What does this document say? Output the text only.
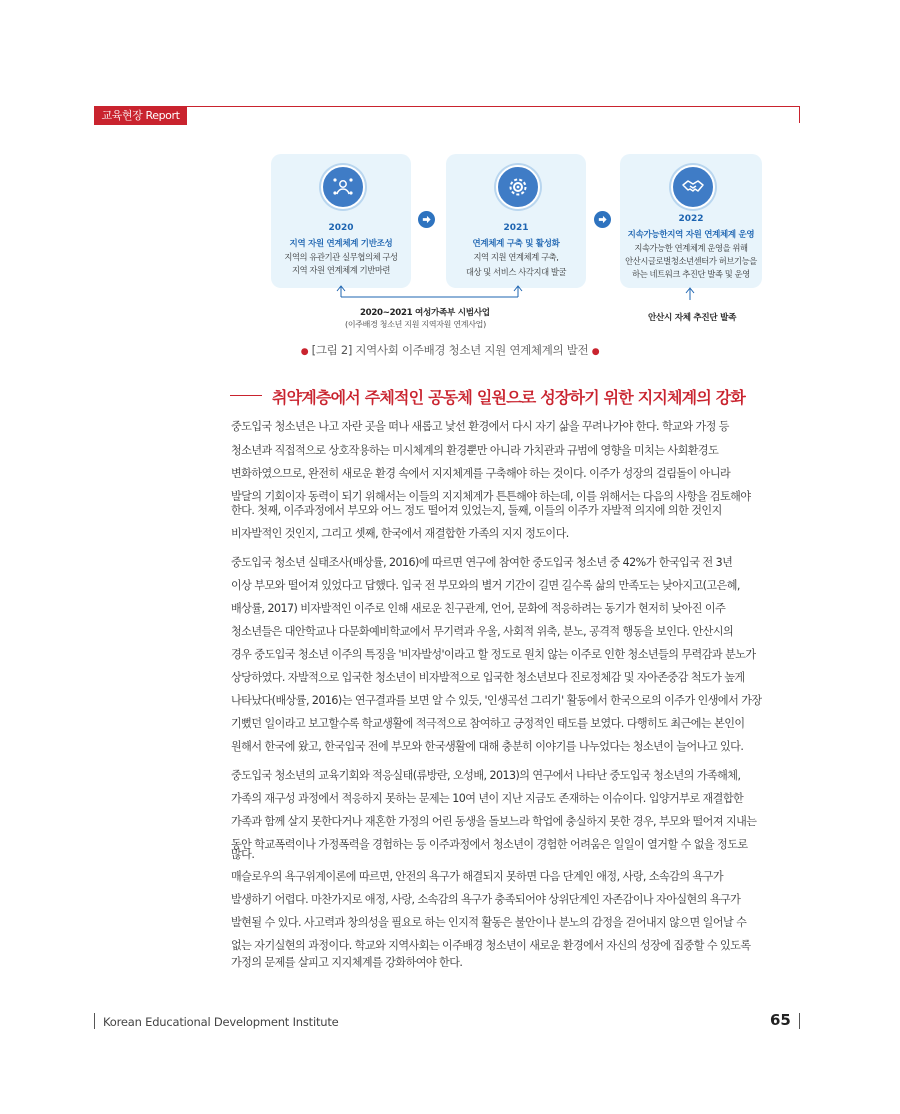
교육현장 Report
2020
지역 자원 연계체계 기반조성
지역의 유관기관 실무협의체 구성
지역 자원 연계체계 기반마련
2021
연계체계 구축 및 활성화
지역 지원 연계체계 구축,
대상 및 서비스 사각지대 발굴
2022
지속가능한지역 자원 연계체계 운영
지속가능한 연계체계 운영을 위해
안산시글로벌청소년센터가 허브기능을
하는 네트워크 추진단 발족 및 운영
2020~2021 여성가족부 시범사업
(이주배경 청소년 지원 지역자원 연계사업)
안산시 자체 추진단 발족
● [그림 2] 지역사회 이주배경 청소년 지원 연계체계의 발전 ●
취약계층에서 주체적인 공동체 일원으로 성장하기 위한 지지체계의 강화
중도입국 청소년은 나고 자란 곳을 떠나 새롭고 낯선 환경에서 다시 자기 삶을 꾸려나가야 한다. 학교와 가정 등
청소년과 직접적으로 상호작용하는 미시체계의 환경뿐만 아니라 가치관과 규범에 영향을 미치는 사회환경도
변화하였으므로, 완전히 새로운 환경 속에서 지지체계를 구축해야 하는 것이다. 이주가 성장의 걸림돌이 아니라
발달의 기회이자 동력이 되기 위해서는 이들의 지지체계가 튼튼해야 하는데, 이를 위해서는 다음의 사항을 검토해야
한다. 첫째, 이주과정에서 부모와 어느 정도 떨어져 있었는지, 둘째, 이들의 이주가 자발적 의지에 의한 것인지
비자발적인 것인지, 그리고 셋째, 한국에서 재결합한 가족의 지지 정도이다.
중도입국 청소년 실태조사(배상률, 2016)에 따르면 연구에 참여한 중도입국 청소년 중 42%가 한국입국 전 3년
이상 부모와 떨어져 있었다고 답했다. 입국 전 부모와의 별거 기간이 길면 길수록 삶의 만족도는 낮아지고(고은혜,
배상률, 2017) 비자발적인 이주로 인해 새로운 친구관계, 언어, 문화에 적응하려는 동기가 현저히 낮아진 이주
청소년들은 대안학교나 다문화예비학교에서 무기력과 우울, 사회적 위축, 분노, 공격적 행동을 보인다. 안산시의
경우 중도입국 청소년 이주의 특징을 '비자발성'이라고 할 정도로 원치 않는 이주로 인한 청소년들의 무력감과 분노가
상당하였다. 자발적으로 입국한 청소년이 비자발적으로 입국한 청소년보다 진로정체감 및 자아존중감 척도가 높게
나타났다(배상률, 2016)는 연구결과를 보면 알 수 있듯, '인생곡선 그리기' 활동에서 한국으로의 이주가 인생에서 가장
기뻤던 일이라고 보고할수록 학교생활에 적극적으로 참여하고 긍정적인 태도를 보였다. 다행히도 최근에는 본인이
원해서 한국에 왔고, 한국입국 전에 부모와 한국생활에 대해 충분히 이야기를 나누었다는 청소년이 늘어나고 있다.
중도입국 청소년의 교육기회와 적응실태(류방란, 오성배, 2013)의 연구에서 나타난 중도입국 청소년의 가족해체,
가족의 재구성 과정에서 적응하지 못하는 문제는 10여 년이 지난 지금도 존재하는 이슈이다. 입양거부로 재결합한
가족과 함께 살지 못한다거나 재혼한 가정의 어린 동생을 돌보느라 학업에 충실하지 못한 경우, 부모와 떨어져 지내는
동안 학교폭력이나 가정폭력을 경험하는 등 이주과정에서 청소년이 경험한 어려움은 일일이 열거할 수 없을 정도로
많다.
매슬로우의 욕구위계이론에 따르면, 안전의 욕구가 해결되지 못하면 다음 단계인 애정, 사랑, 소속감의 욕구가
발생하기 어렵다. 마찬가지로 애정, 사랑, 소속감의 욕구가 충족되어야 상위단계인 자존감이나 자아실현의 욕구가
발현될 수 있다. 사고력과 창의성을 필요로 하는 인지적 활동은 불안이나 분노의 감정을 걷어내지 않으면 일어날 수
없는 자기실현의 과정이다. 학교와 지역사회는 이주배경 청소년이 새로운 환경에서 자신의 성장에 집중할 수 있도록
가정의 문제를 살피고 지지체계를 강화하여야 한다.
Korean Educational Development Institute	65
